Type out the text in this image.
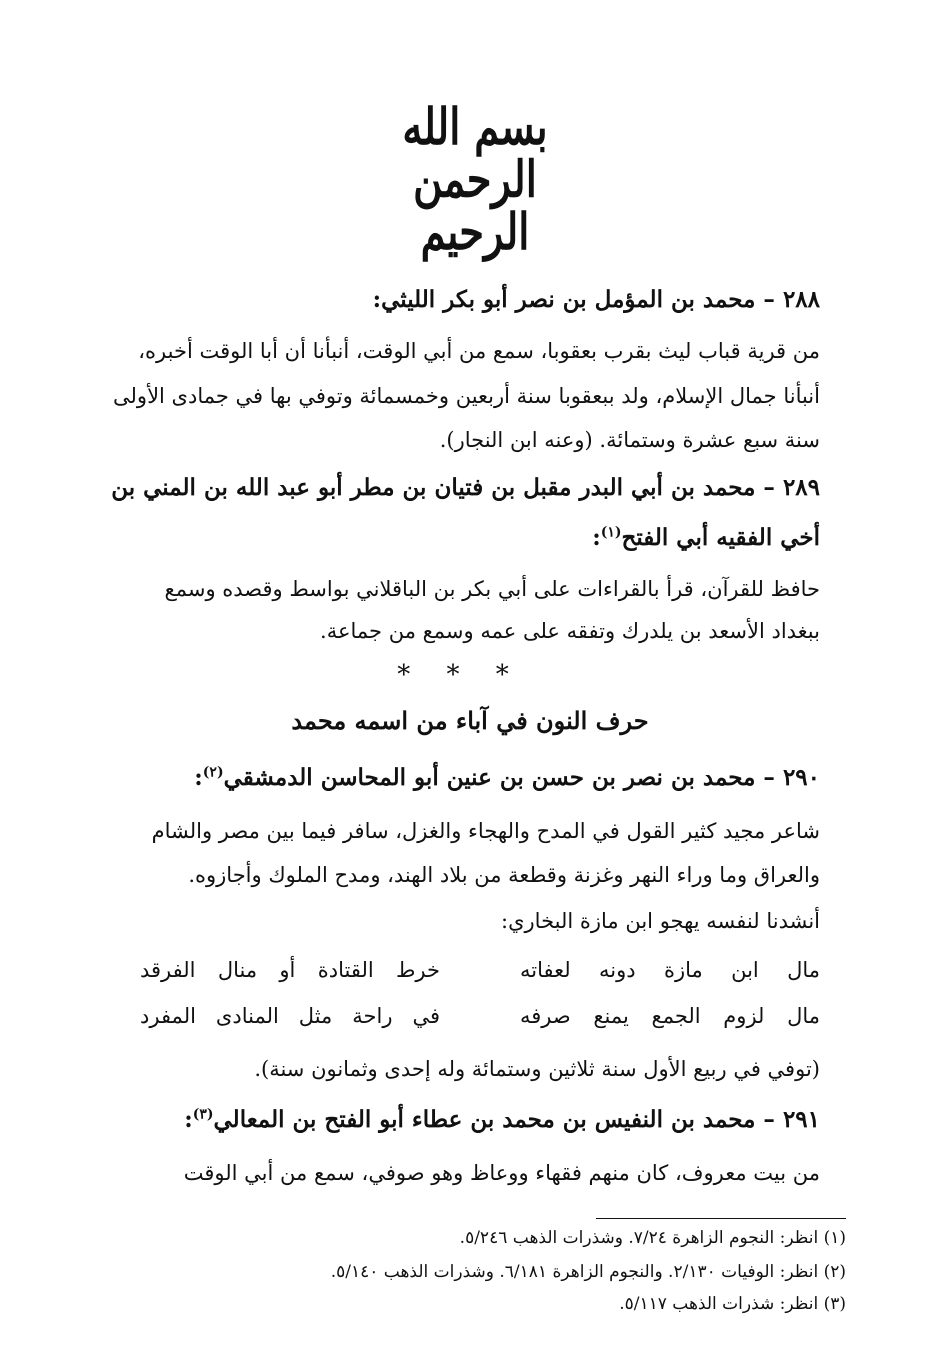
بسم الله الرحمن الرحيم
٢٨٨ – محمد بن المؤمل بن نصر أبو بكر الليثي:
من قرية قباب ليث بقرب بعقوبا، سمع من أبي الوقت، أنبأنا أن أبا الوقت أخبره،
أنبأنا جمال الإسلام، ولد ببعقوبا سنة أربعين وخمسمائة وتوفي بها في جمادى الأولى
سنة سبع عشرة وستمائة. (وعنه ابن النجار).
٢٨٩ – محمد بن أبي البدر مقبل بن فتيان بن مطر أبو عبد الله بن المني بن
أخي الفقيه أبي الفتح$^{(١)}$:
حافظ للقرآن، قرأ بالقراءات على أبي بكر بن الباقلاني بواسط وقصده وسمع
ببغداد الأسعد بن يلدرك وتفقه على عمه وسمع من جماعة.
* * *
حرف النون في آباء من اسمه محمد
٢٩٠ – محمد بن نصر بن حسن بن عنين أبو المحاسن الدمشقي$^{(٢)}$:
شاعر مجيد كثير القول في المدح والهجاء والغزل، سافر فيما بين مصر والشام
والعراق وما وراء النهر وغزنة وقطعة من بلاد الهند، ومدح الملوك وأجازوه.
أنشدنا لنفسه يهجو ابن مازة البخاري:
مال ابن مازة دونه لعفاته
خرط القتادة أو منال الفرقد
مال لزوم الجمع يمنع صرفه
في راحة مثل المنادى المفرد
(توفي في ربيع الأول سنة ثلاثين وستمائة وله إحدى وثمانون سنة).
٢٩١ – محمد بن النفيس بن محمد بن عطاء أبو الفتح بن المعالي$^{(٣)}$:
من بيت معروف، كان منهم فقهاء ووعاظ وهو صوفي، سمع من أبي الوقت
(١) انظر: النجوم الزاهرة ٧/٢٤. وشذرات الذهب ٥/٢٤٦.
(٢) انظر: الوفيات ٢/١٣٠. والنجوم الزاهرة ٦/١٨١. وشذرات الذهب ٥/١٤٠.
(٣) انظر: شذرات الذهب ٥/١١٧.
